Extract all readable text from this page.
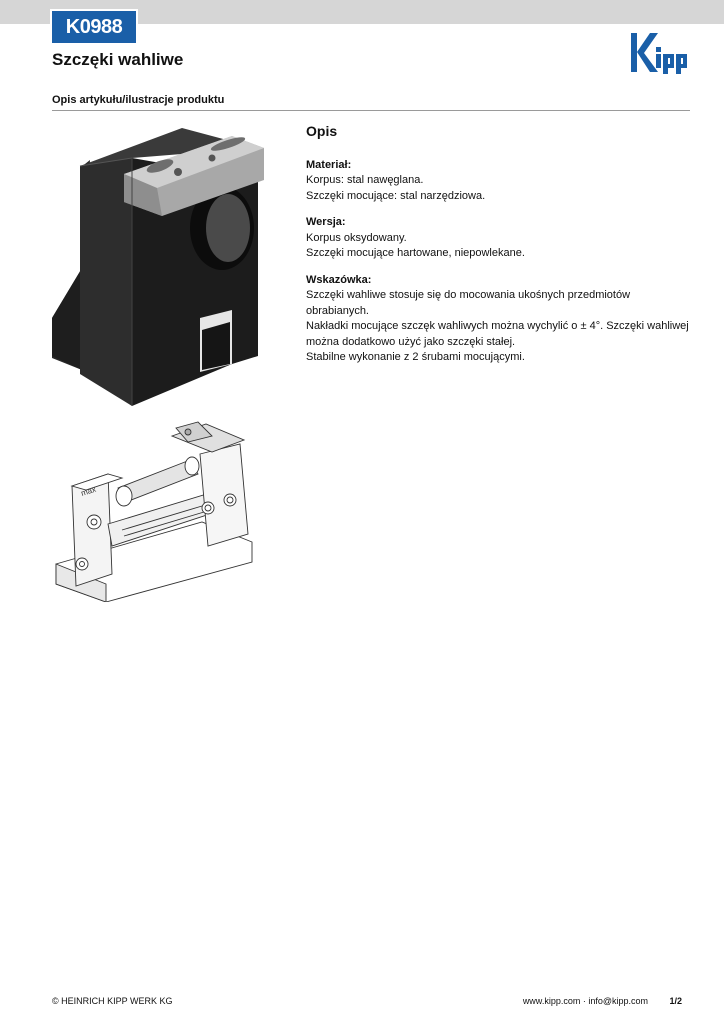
K0988
Szczęki wahliwe
Opis artykułu/ilustracje produktu
max
Opis
Materiał:
Korpus: stal nawęglana.
Szczęki mocujące: stal narzędziowa.
Wersja:
Korpus oksydowany.
Szczęki mocujące hartowane, niepowlekane.
Wskazówka:
Szczęki wahliwe stosuje się do mocowania ukośnych przedmiotów obrabianych.
Nakładki mocujące szczęk wahliwych można wychylić o ± 4°. Szczęki wahliwej
można dodatkowo użyć jako szczęki stałej.
Stabilne wykonanie z 2 śrubami mocującymi.
© HEINRICH KIPP WERK KG	www.kipp.com · info@kipp.com 1/2
